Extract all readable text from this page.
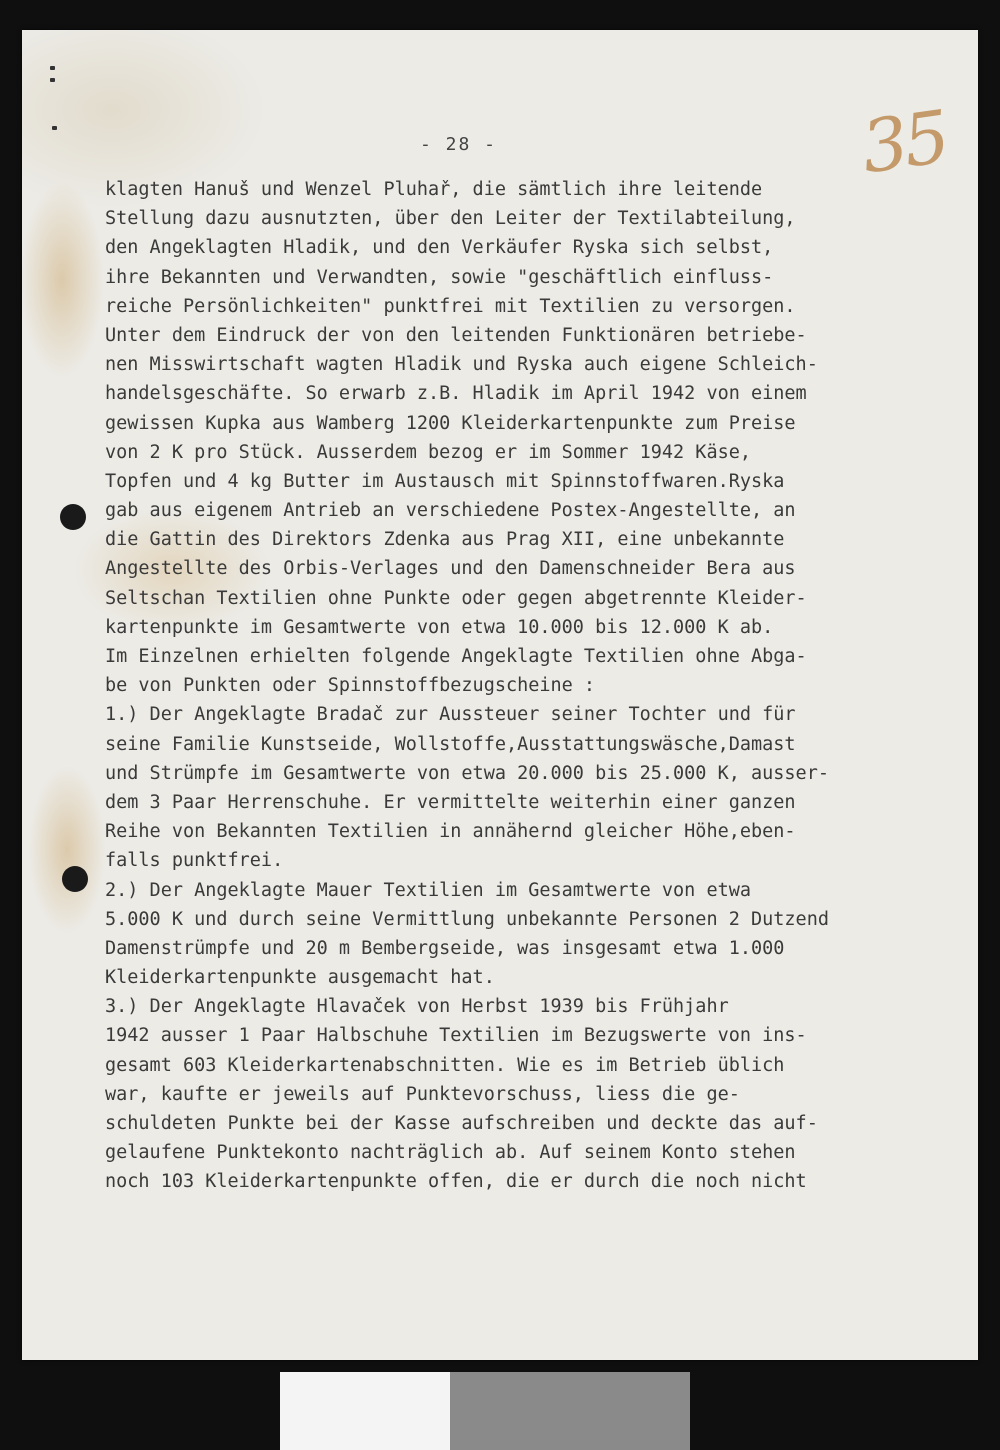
- 28 -	35
klagten Hanuš und Wenzel Pluhař, die sämtlich ihre leitende
Stellung dazu ausnutzten, über den Leiter der Textilabteilung,
den Angeklagten Hladik, und den Verkäufer Ryska sich selbst,
ihre Bekannten und Verwandten, sowie "geschäftlich einfluss-
reiche Persönlichkeiten" punktfrei mit Textilien zu versorgen.
Unter dem Eindruck der von den leitenden Funktionären betriebe-
nen Misswirtschaft wagten Hladik und Ryska auch eigene Schleich-
handelsgeschäfte. So erwarb z.B. Hladik im April 1942 von einem
gewissen Kupka aus Wamberg 1200 Kleiderkartenpunkte zum Preise
von 2 K pro Stück. Ausserdem bezog er im Sommer 1942 Käse,
Topfen und 4 kg Butter im Austausch mit Spinnstoffwaren.Ryska
gab aus eigenem Antrieb an verschiedene Postex-Angestellte, an
die Gattin des Direktors Zdenka aus Prag XII, eine unbekannte
Angestellte des Orbis-Verlages und den Damenschneider Bera aus
Seltschan Textilien ohne Punkte oder gegen abgetrennte Kleider-
kartenpunkte im Gesamtwerte von etwa 10.000 bis 12.000 K ab.
Im Einzelnen erhielten folgende Angeklagte Textilien ohne Abga-
be von Punkten oder Spinnstoffbezugscheine :
1.) Der Angeklagte Bradač zur Aussteuer seiner Tochter und für
seine Familie Kunstseide, Wollstoffe,Ausstattungswäsche,Damast
und Strümpfe im Gesamtwerte von etwa 20.000 bis 25.000 K, ausser-
dem 3 Paar Herrenschuhe. Er vermittelte weiterhin einer ganzen
Reihe von Bekannten Textilien in annähernd gleicher Höhe,eben-
falls punktfrei.
2.) Der Angeklagte Mauer Textilien im Gesamtwerte von etwa
5.000 K und durch seine Vermittlung unbekannte Personen 2 Dutzend
Damenstrümpfe und 20 m Bembergseide, was insgesamt etwa 1.000
Kleiderkartenpunkte ausgemacht hat.
3.) Der Angeklagte Hlavaček von Herbst 1939 bis Frühjahr
1942 ausser 1 Paar Halbschuhe Textilien im Bezugswerte von ins-
gesamt 603 Kleiderkartenabschnitten. Wie es im Betrieb üblich
war, kaufte er jeweils auf Punktevorschuss, liess die ge-
schuldeten Punkte bei der Kasse aufschreiben und deckte das auf-
gelaufene Punktekonto nachträglich ab. Auf seinem Konto stehen
noch 103 Kleiderkartenpunkte offen, die er durch die noch nicht
